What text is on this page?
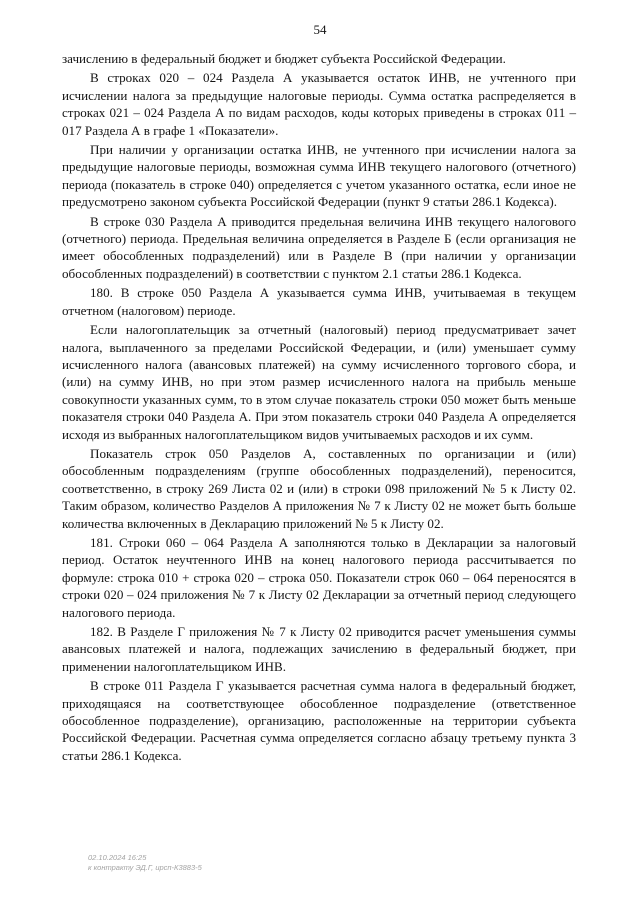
54

зачислению в федеральный бюджет и бюджет субъекта Российской Федерации.

В строках 020 – 024 Раздела А указывается остаток ИНВ, не учтенного при исчислении налога за предыдущие налоговые периоды. Сумма остатка распределяется в строках 021 – 024 Раздела А по видам расходов, коды которых приведены в строках 011 – 017 Раздела А в графе 1 «Показатели».

При наличии у организации остатка ИНВ, не учтенного при исчислении налога за предыдущие налоговые периоды, возможная сумма ИНВ текущего налогового (отчетного) периода (показатель в строке 040) определяется с учетом указанного остатка, если иное не предусмотрено законом субъекта Российской Федерации (пункт 9 статьи 286.1 Кодекса).

В строке 030 Раздела А приводится предельная величина ИНВ текущего налогового (отчетного) периода. Предельная величина определяется в Разделе Б (если организация не имеет обособленных подразделений) или в Разделе В (при наличии у организации обособленных подразделений) в соответствии с пунктом 2.1 статьи 286.1 Кодекса.

180. В строке 050 Раздела А указывается сумма ИНВ, учитываемая в текущем отчетном (налоговом) периоде.

Если налогоплательщик за отчетный (налоговый) период предусматривает зачет налога, выплаченного за пределами Российской Федерации, и (или) уменьшает сумму исчисленного налога (авансовых платежей) на сумму исчисленного торгового сбора, и (или) на сумму ИНВ, но при этом размер исчисленного налога на прибыль меньше совокупности указанных сумм, то в этом случае показатель строки 050 может быть меньше показателя строки 040 Раздела А. При этом показатель строки 040 Раздела А определяется исходя из выбранных налогоплательщиком видов учитываемых расходов и их сумм.

Показатель строк 050 Разделов А, составленных по организации и (или) обособленным подразделениям (группе обособленных подразделений), переносится, соответственно, в строку 269 Листа 02 и (или) в строки 098 приложений № 5 к Листу 02. Таким образом, количество Разделов А приложения № 7 к Листу 02 не может быть больше количества включенных в Декларацию приложений № 5 к Листу 02.

181. Строки 060 – 064 Раздела А заполняются только в Декларации за налоговый период. Остаток неучтенного ИНВ на конец налогового периода рассчитывается по формуле: строка 010 + строка 020 – строка 050. Показатели строк 060 – 064 переносятся в строки 020 – 024 приложения № 7 к Листу 02 Декларации за отчетный период следующего налогового периода.

182. В Разделе Г приложения № 7 к Листу 02 приводится расчет уменьшения суммы авансовых платежей и налога, подлежащих зачислению в федеральный бюджет, при применении налогоплательщиком ИНВ.

В строке 011 Раздела Г указывается расчетная сумма налога в федеральный бюджет, приходящаяся на соответствующее обособленное подразделение (ответственное обособленное подразделение), организацию, расположенные на территории субъекта Российской Федерации. Расчетная сумма определяется согласно абзацу третьему пункта 3 статьи 286.1 Кодекса.

02.10.2024 16:25
к контракту ЭД.Г, ирсп-К3883-5
